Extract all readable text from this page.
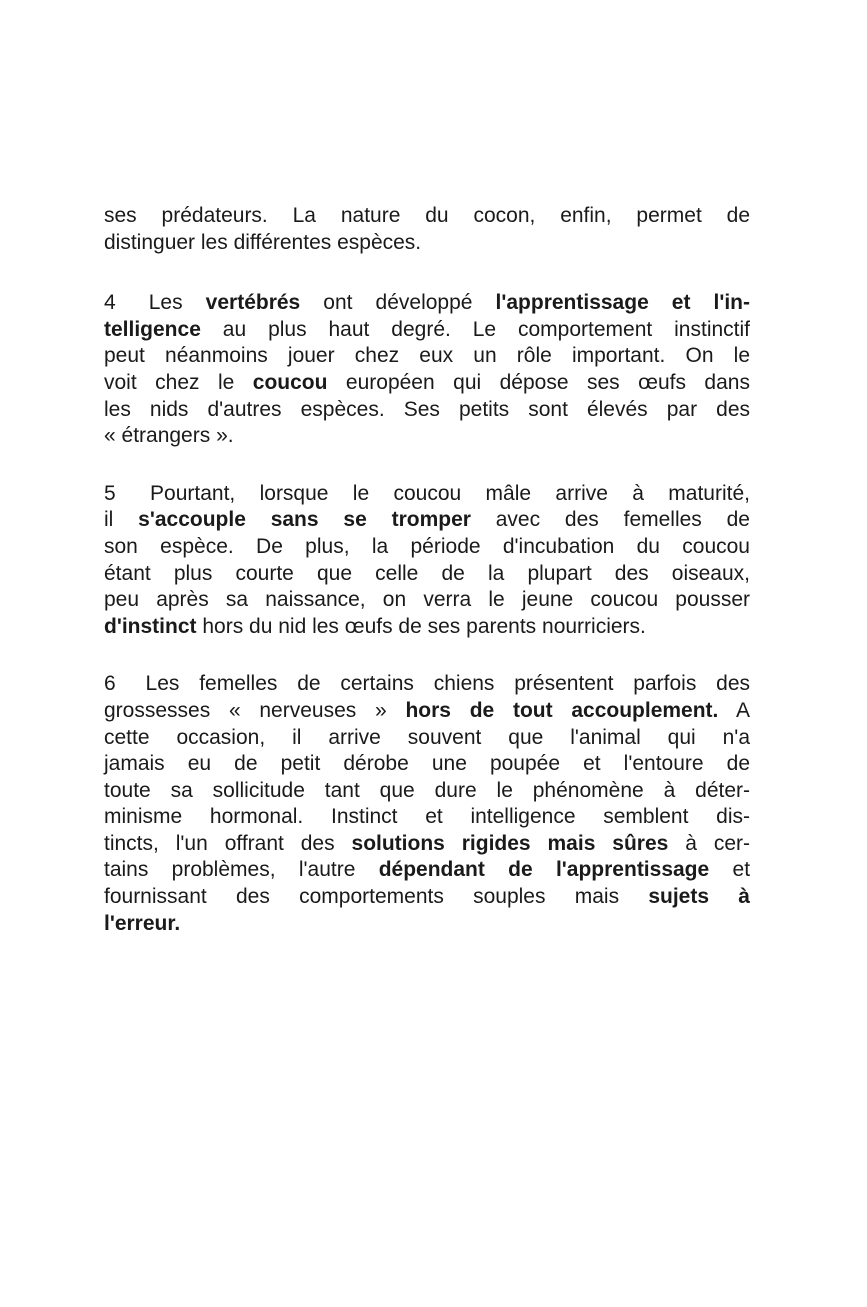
ses prédateurs. La nature du cocon, enfin, permet de
distinguer les différentes espèces.

4 Les vertébrés ont développé l'apprentissage et l'in-
telligence au plus haut degré. Le comportement instinctif
peut néanmoins jouer chez eux un rôle important. On le
voit chez le coucou européen qui dépose ses œufs dans
les nids d'autres espèces. Ses petits sont élevés par des
« étrangers ».

5 Pourtant, lorsque le coucou mâle arrive à maturité,
il s'accouple sans se tromper avec des femelles de
son espèce. De plus, la période d'incubation du coucou
étant plus courte que celle de la plupart des oiseaux,
peu après sa naissance, on verra le jeune coucou pousser
d'instinct hors du nid les œufs de ses parents nourriciers.

6 Les femelles de certains chiens présentent parfois des
grossesses « nerveuses » hors de tout accouplement. A
cette occasion, il arrive souvent que l'animal qui n'a
jamais eu de petit dérobe une poupée et l'entoure de
toute sa sollicitude tant que dure le phénomène à déter-
minisme hormonal. Instinct et intelligence semblent dis-
tincts, l'un offrant des solutions rigides mais sûres à cer-
tains problèmes, l'autre dépendant de l'apprentissage et
fournissant des comportements souples mais sujets à
l'erreur.
